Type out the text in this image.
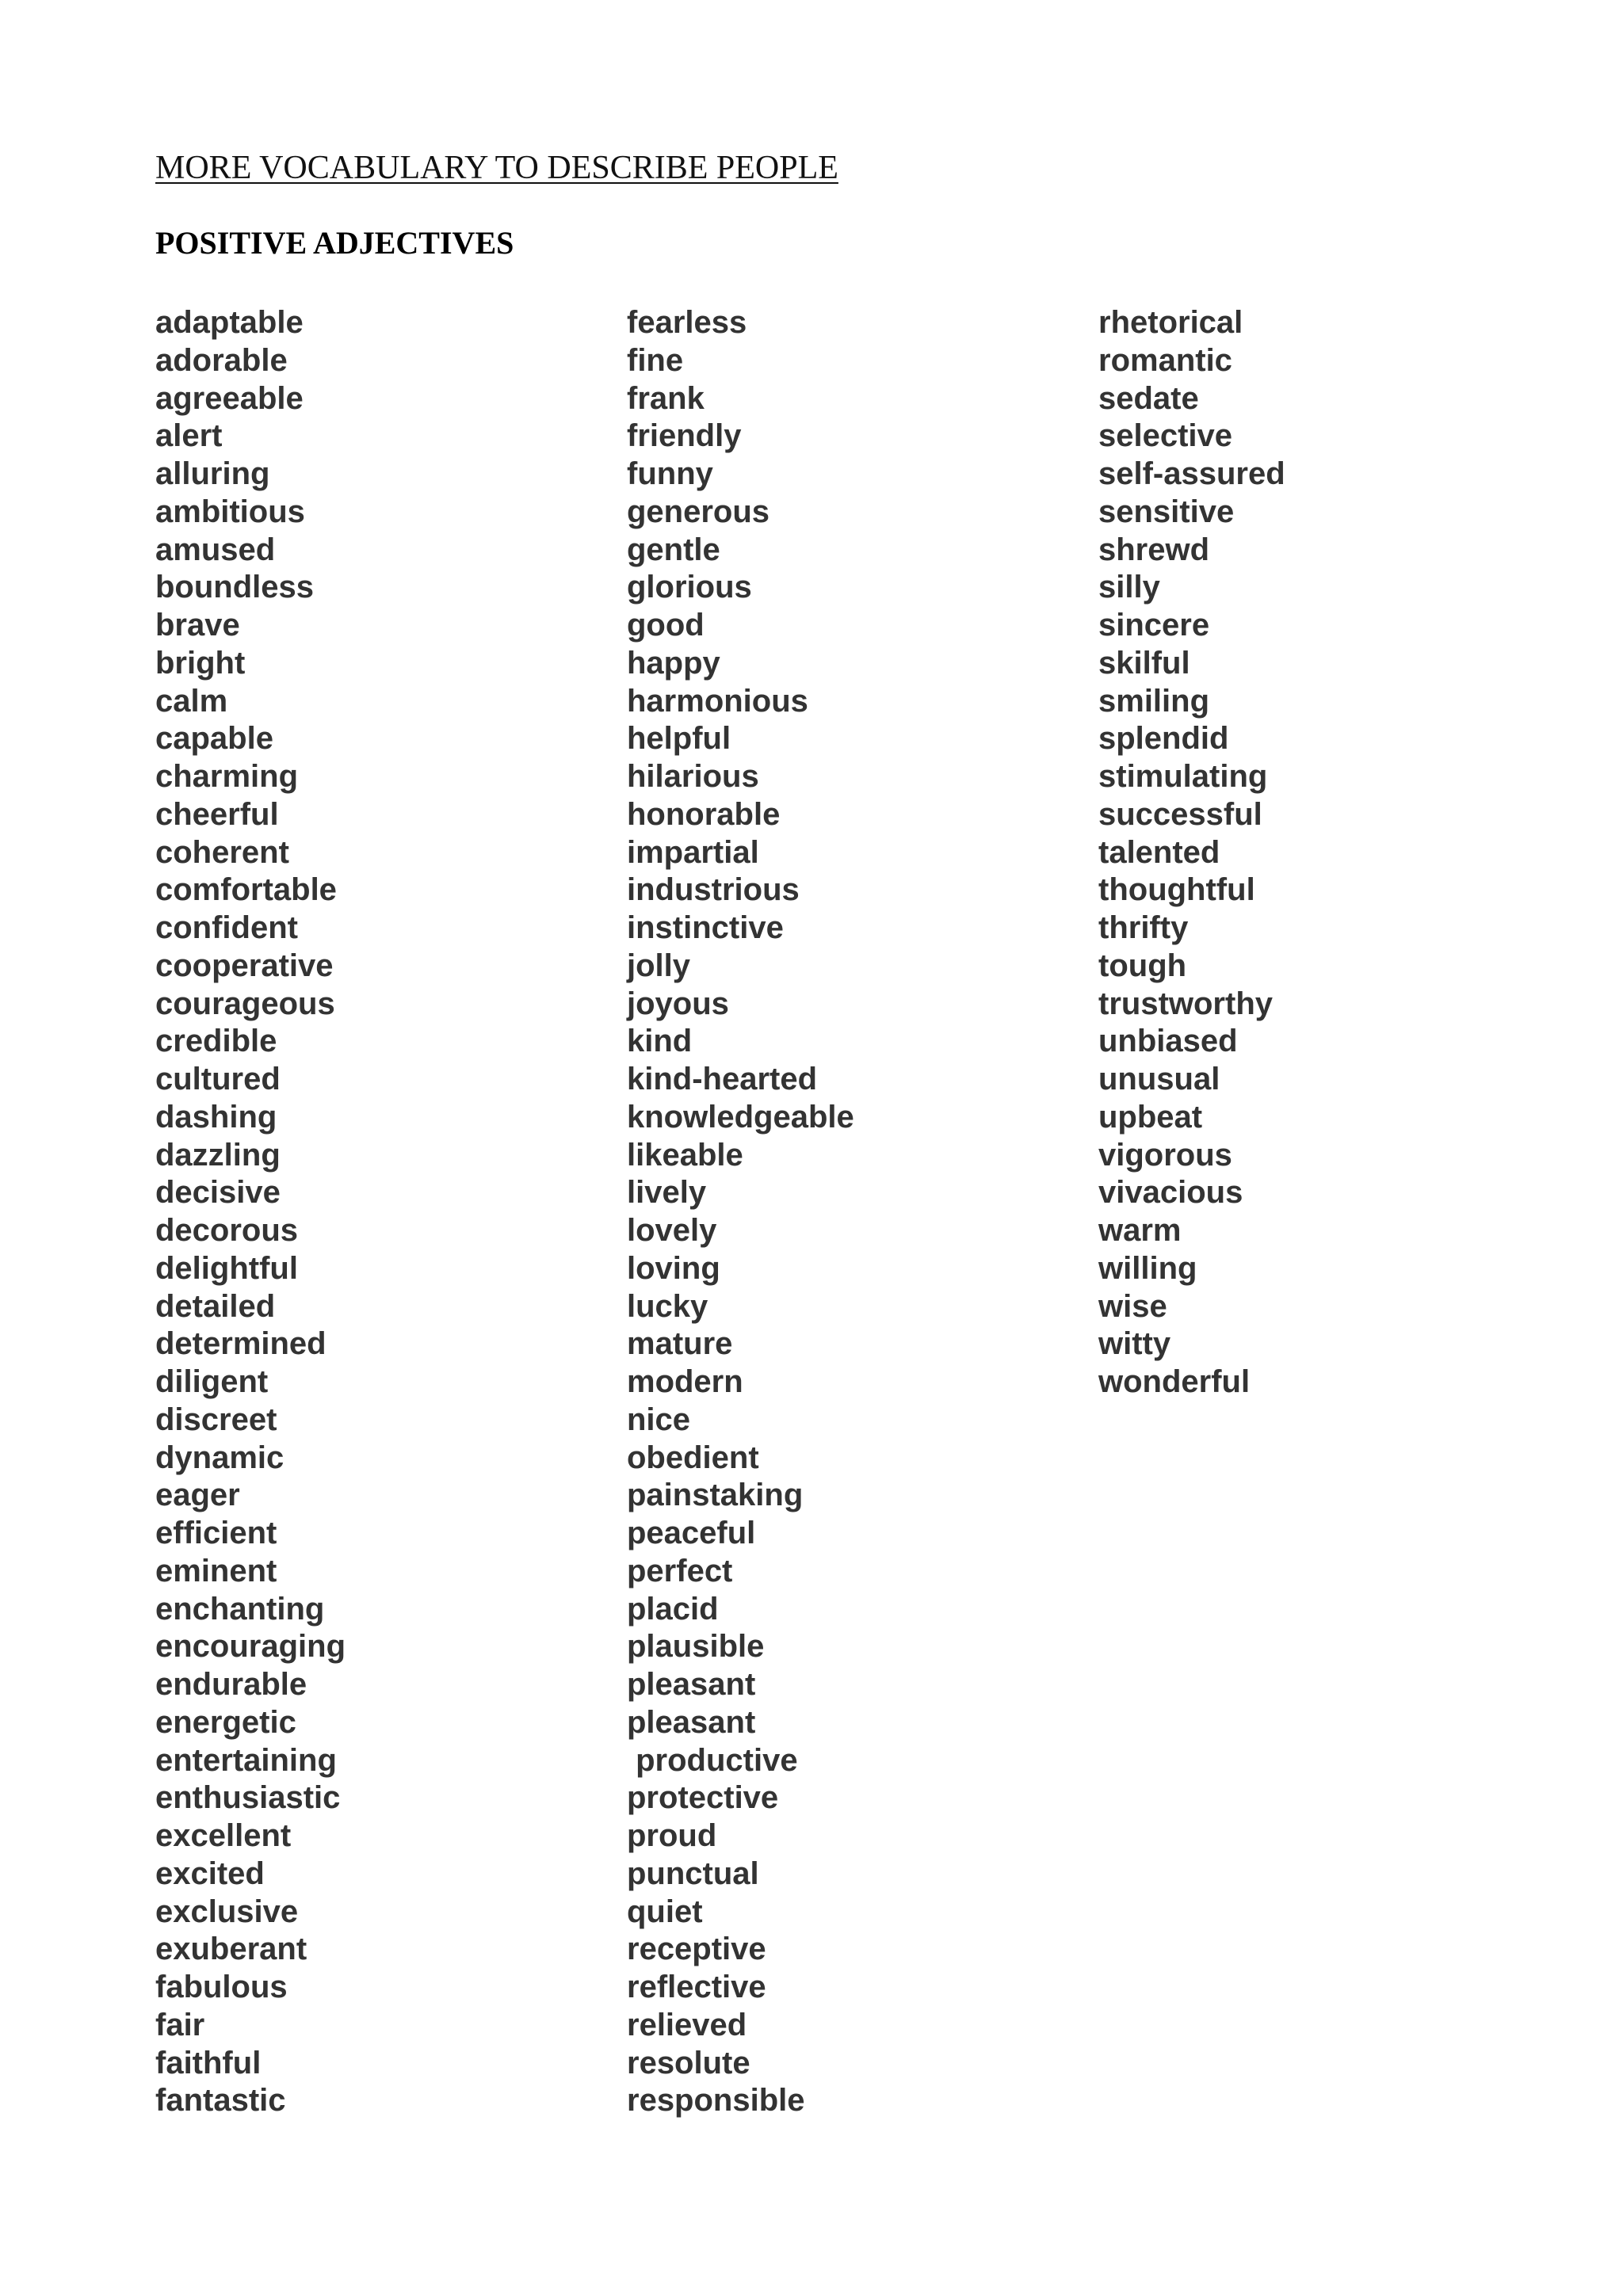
MORE VOCABULARY TO DESCRIBE PEOPLE
POSITIVE ADJECTIVES
adaptable
adorable
agreeable
alert
alluring
ambitious
amused
boundless
brave
bright
calm
capable
charming
cheerful
coherent
comfortable
confident
cooperative
courageous
credible
cultured
dashing
dazzling
decisive
decorous
delightful
detailed
determined
diligent
discreet
dynamic
eager
efficient
eminent
enchanting
encouraging
endurable
energetic
entertaining
enthusiastic
excellent
excited
exclusive
exuberant
fabulous
fair
faithful
fantastic
fearless
fine
frank
friendly
funny
generous
gentle
glorious
good
happy
harmonious
helpful
hilarious
honorable
impartial
industrious
instinctive
jolly
joyous
kind
kind-hearted
knowledgeable
likeable
lively
lovely
loving
lucky
mature
modern
nice
obedient
painstaking
peaceful
perfect
placid
plausible
pleasant
pleasant
productive
protective
proud
punctual
quiet
receptive
reflective
relieved
resolute
responsible
rhetorical
romantic
sedate
selective
self-assured
sensitive
shrewd
silly
sincere
skilful
smiling
splendid
stimulating
successful
talented
thoughtful
thrifty
tough
trustworthy
unbiased
unusual
upbeat
vigorous
vivacious
warm
willing
wise
witty
wonderful
